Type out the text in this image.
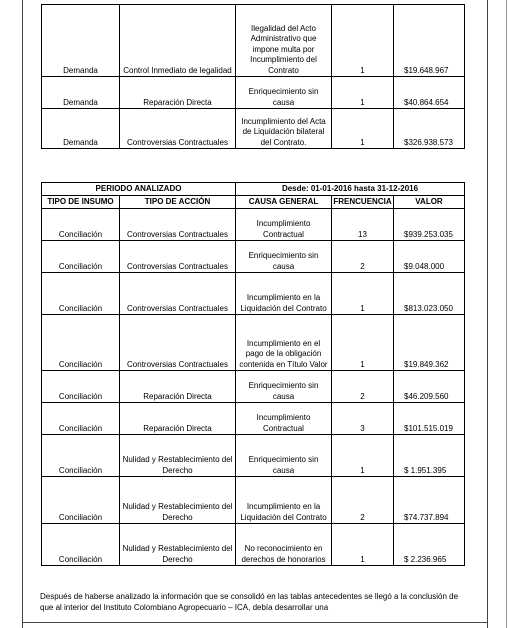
Demanda	Control Inmediato de legalidad	Ilegalidad del Acto Administrativo que impone multa por Incumplimiento del Contrato	1	$19.648.967
Demanda	Reparación Directa	Enriquecimiento sin causa	1	$40.864.654
Demanda	Controversias Contractuales	Incumplimiento del Acta de Liquidación bilateral del Contrato.	1	$326.938.573
PERIODO ANALIZADO		Desde: 01-01-2016 hasta 31-12-2016		
TIPO DE INSUMO	TIPO DE ACCIÓN	CAUSA GENERAL	FRENCUENCIA	VALOR
Conciliación	Controversias Contractuales	Incumplimiento Contractual	13	$939.253.035
Conciliación	Controversias Contractuales	Enriquecimiento sin causa	2	$9.048.000
Conciliación	Controversias Contractuales	Incumplimiento en la Liquidación del Contrato	1	$813.023.050
Conciliación	Controversias Contractuales	Incumplimiento en el pago de la obligación contenida en Título Valor	1	$19.849.362
Conciliación	Reparación Directa	Enriquecimiento sin causa	2	$46.209.560
Conciliación	Reparación Directa	Incumplimiento Contractual	3	$101.515.019
Conciliación	Nulidad y Restablecimiento del Derecho	Enriquecimiento sin causa	1	$ 1.951.395
Conciliación	Nulidad y Restablecimiento del Derecho	Incumplimiento en la Liquidación del Contrato	2	$74.737.894
Conciliación	Nulidad y Restablecimiento del Derecho	No reconocimiento en derechos de honorarios	1	$ 2.236.965

Después de haberse analizado la información que se consolidó en las tablas antecedentes se llegó a la conclusión de que al interior del Instituto Colombiano Agropecuario – ICA, debía desarrollar una
